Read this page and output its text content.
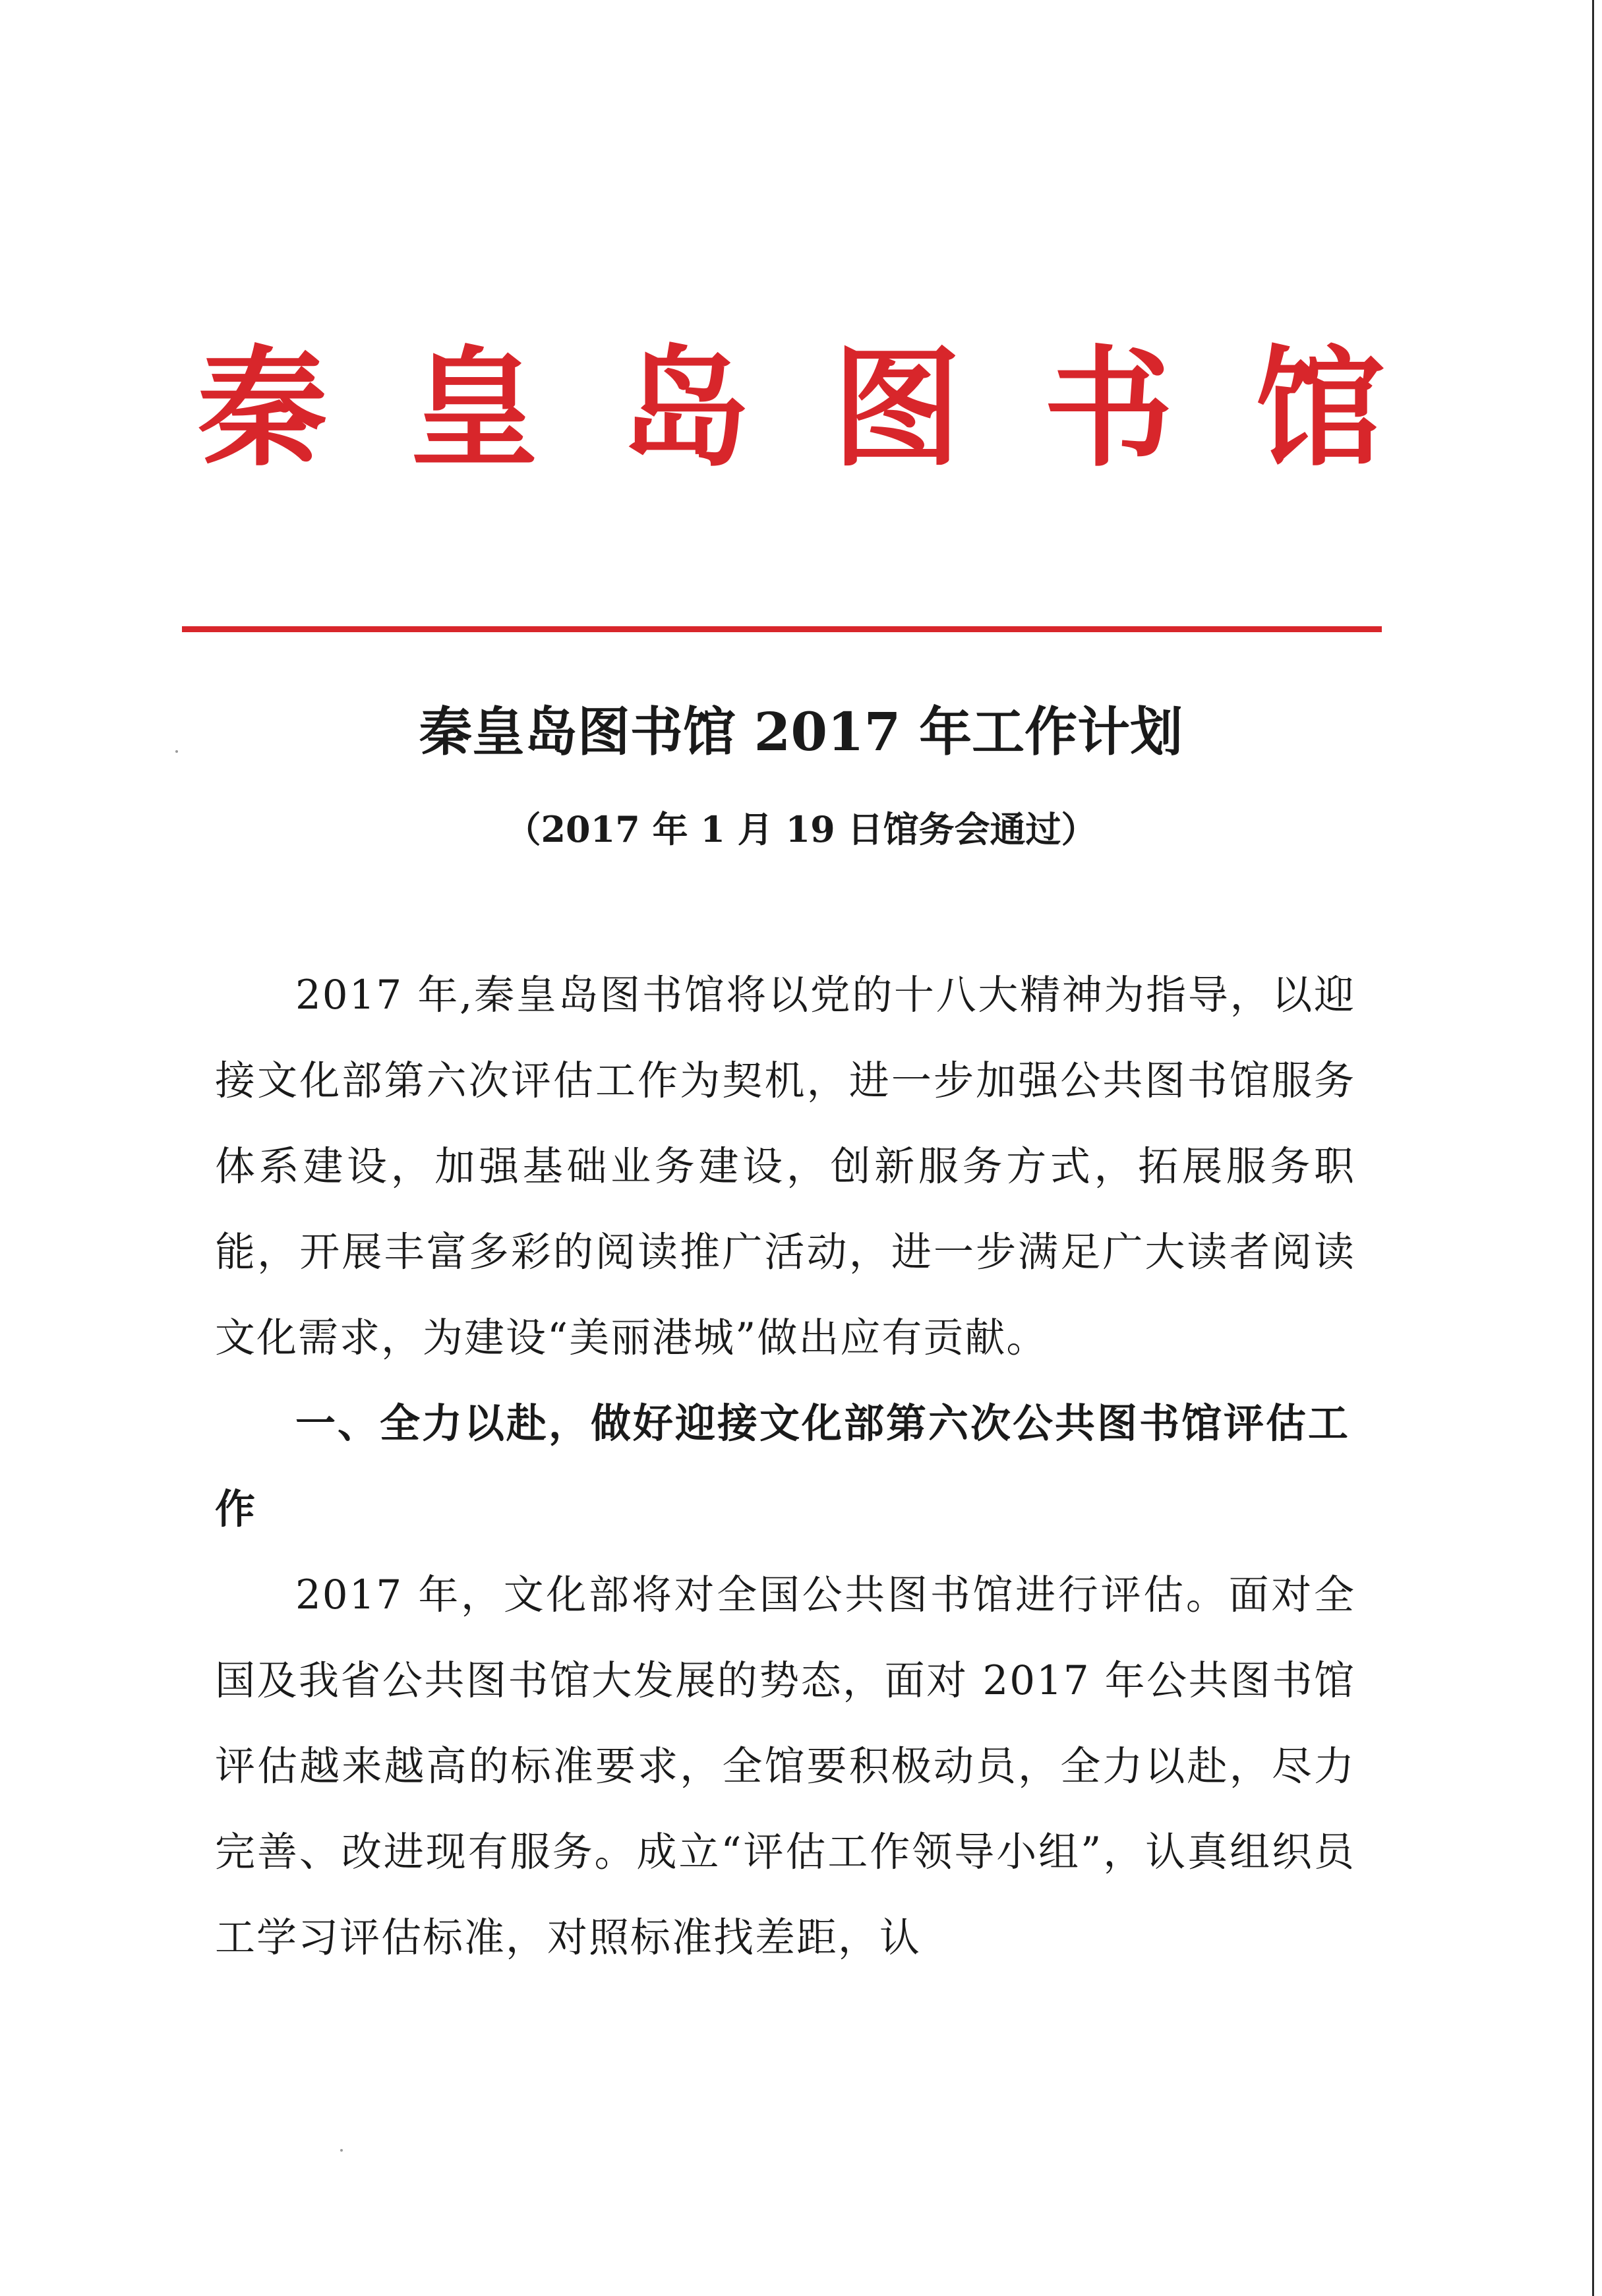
秦 皇 岛 图 书 馆
秦皇岛图书馆 2017 年工作计划
（2017 年 1 月 19 日馆务会通过）

2017 年,秦皇岛图书馆将以党的十八大精神为指导，以迎接文化部第六次评估工作为契机，进一步加强公共图书馆服务体系建设，加强基础业务建设，创新服务方式，拓展服务职能，开展丰富多彩的阅读推广活动，进一步满足广大读者阅读文化需求，为建设“美丽港城”做出应有贡献。

一、全力以赴，做好迎接文化部第六次公共图书馆评估工作

2017 年，文化部将对全国公共图书馆进行评估。面对全国及我省公共图书馆大发展的势态，面对 2017 年公共图书馆评估越来越高的标准要求，全馆要积极动员，全力以赴，尽力完善、改进现有服务。成立“评估工作领导小组”，认真组织员工学习评估标准，对照标准找差距，认
